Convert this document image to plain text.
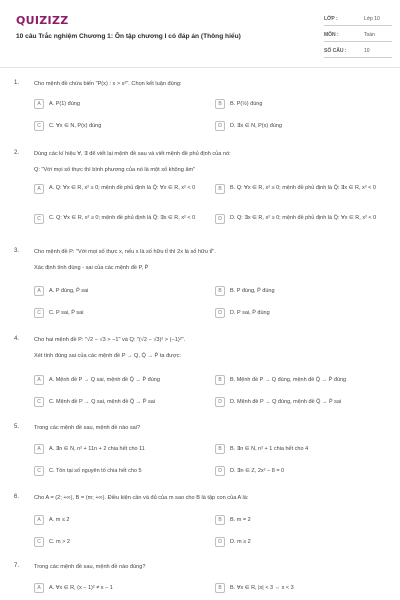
QUIZIZZ
10 câu Trắc nghiệm Chương 1: Ôn tập chương I có đáp án (Thông hiểu)
LỚP :	Lớp 10
MÔN :	Toán
SỐ CÂU :	10
1.	Cho mệnh đề chứa biến "P(x) : x > x²". Chọn kết luận đúng:
A	A. P(1) đúng	B	B. P(½) đúng
C	C. ∀x ∈ N, P(x) đúng	D	D. ∃x ∈ N, P(x) đúng
2.	Dùng các kí hiệu ∀, ∃ để viết lại mệnh đề sau và viết mệnh đề phủ định của nó:
Q: "Với mọi số thực thì bình phương của nó là một số không âm"
A	A. Q: ∀x ∈ R, x² ≥ 0; mệnh đề phủ định là Q̄: ∀x ∈ R, x² < 0	B	B. Q: ∀x ∈ R, x² ≥ 0; mệnh đề phủ định là Q̄: ∃x ∈ R, x² < 0
C	C. Q: ∀x ∈ R, x² ≥ 0; mệnh đề phủ định là Q̄: ∃x ∈ R, x² < 0	D	D. Q: ∃x ∈ R, x² ≥ 0; mệnh đề phủ định là Q̄: ∀x ∈ R, x² < 0
3.	Cho mệnh đề P: "Với mọi số thực x, nếu x là số hữu tỉ thì 2x là số hữu tỉ".
Xác định tính đúng - sai của các mệnh đề P, P̄
A	A. P đúng, P̄ sai	B	B. P đúng, P̄ đúng
C	C. P sai, P̄ sai	D	D. P sai, P̄ đúng
4.	Cho hai mệnh đề P: "√2 − √3 > −1" và Q: "(√2 − √3)² > (−1)²".
Xét tính đúng sai của các mệnh đề P → Q, Q̄ → P̄ ta được:
A	A. Mệnh đề P → Q sai, mệnh đề Q̄ → P̄ đúng	B	B. Mệnh đề P → Q đúng, mệnh đề Q̄ → P̄ đúng
C	C. Mệnh đề P → Q sai, mệnh đề Q̄ → P̄ sai	D	D. Mệnh đề P → Q đúng, mệnh đề Q̄ → P̄ sai
5.	Trong các mệnh đề sau, mệnh đề nào sai?
A	A. ∃n ∈ N, n² + 11n + 2 chia hết cho 11	B	B. ∃n ∈ N, n² + 1 chia hết cho 4
C	C. Tồn tại số nguyên tố chia hết cho 5	D	D. ∃n ∈ Z, 2x² − 8 = 0
6.	Cho A = (2; +∞), B = (m; +∞). Điều kiện cần và đủ của m sao cho B là tập con của A là:
A	A. m ≤ 2	B	B. m = 2
C	C. m > 2	D	D. m ≥ 2
7.	Trong các mệnh đề sau, mệnh đề nào đúng?
A	A. ∀x ∈ R, (x − 1)² ≠ x − 1	B	B. ∀x ∈ R, |x| < 3 ⇔ x < 3
